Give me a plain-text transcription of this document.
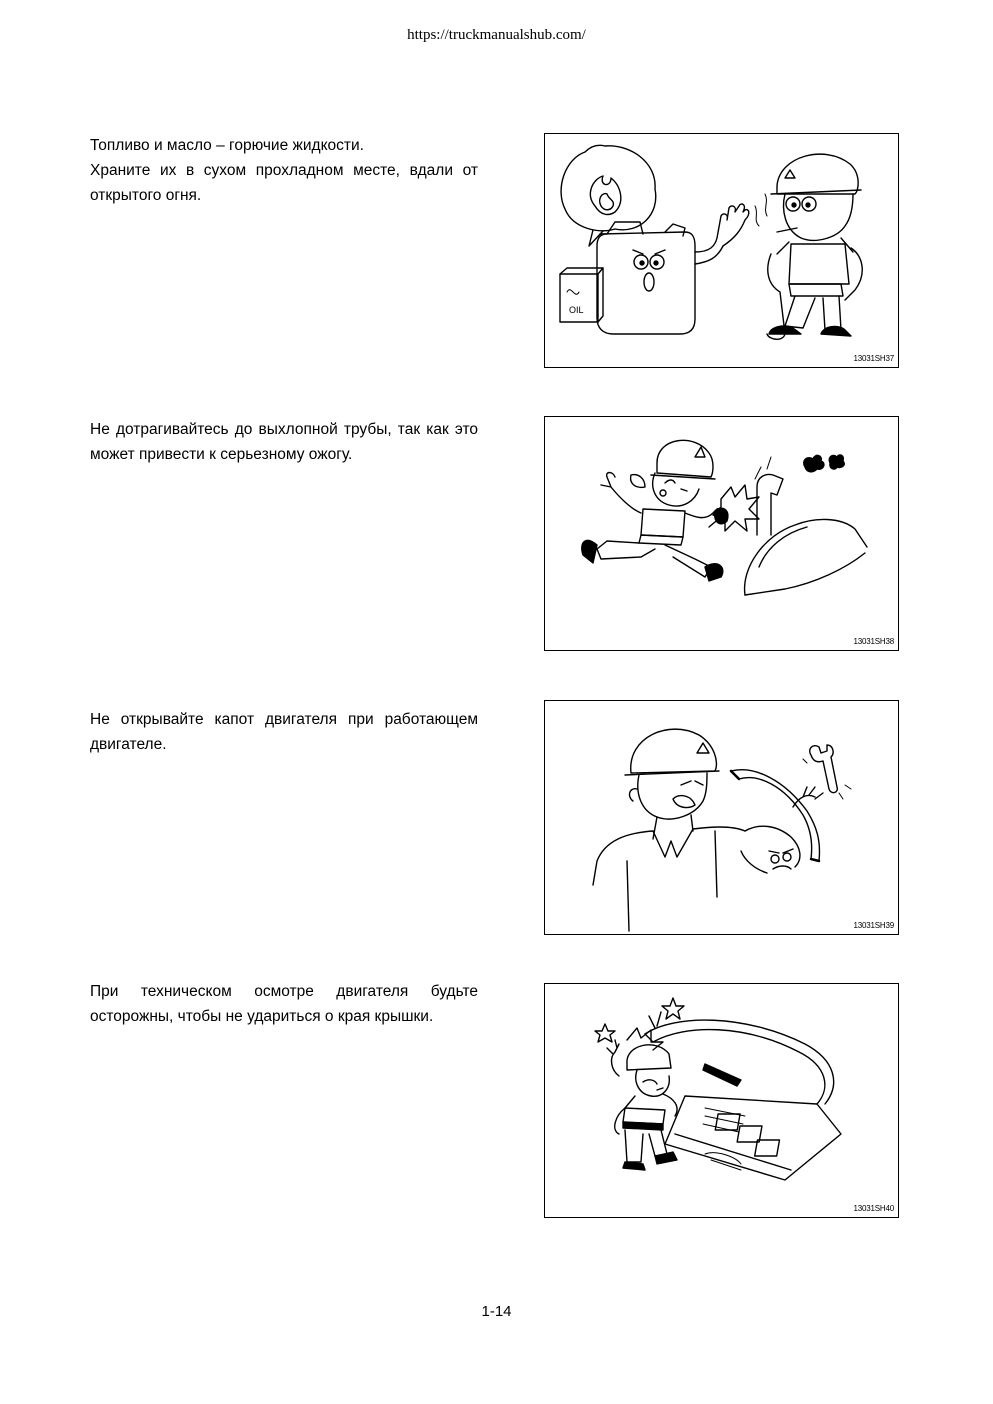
https://truckmanualshub.com/

Топливо и масло – горючие жидкости.

Храните их в сухом прохладном месте, вдали от открытого огня.

OIL
13031SH37

Не дотрагивайтесь до выхлопной трубы, так как это может привести к серьезному ожогу.

13031SH38

Не открывайте капот двигателя при работающем двигателе.

13031SH39

При техническом осмотре двигателя будьте осторожны, чтобы не удариться о края крышки.

13031SH40
1-14
